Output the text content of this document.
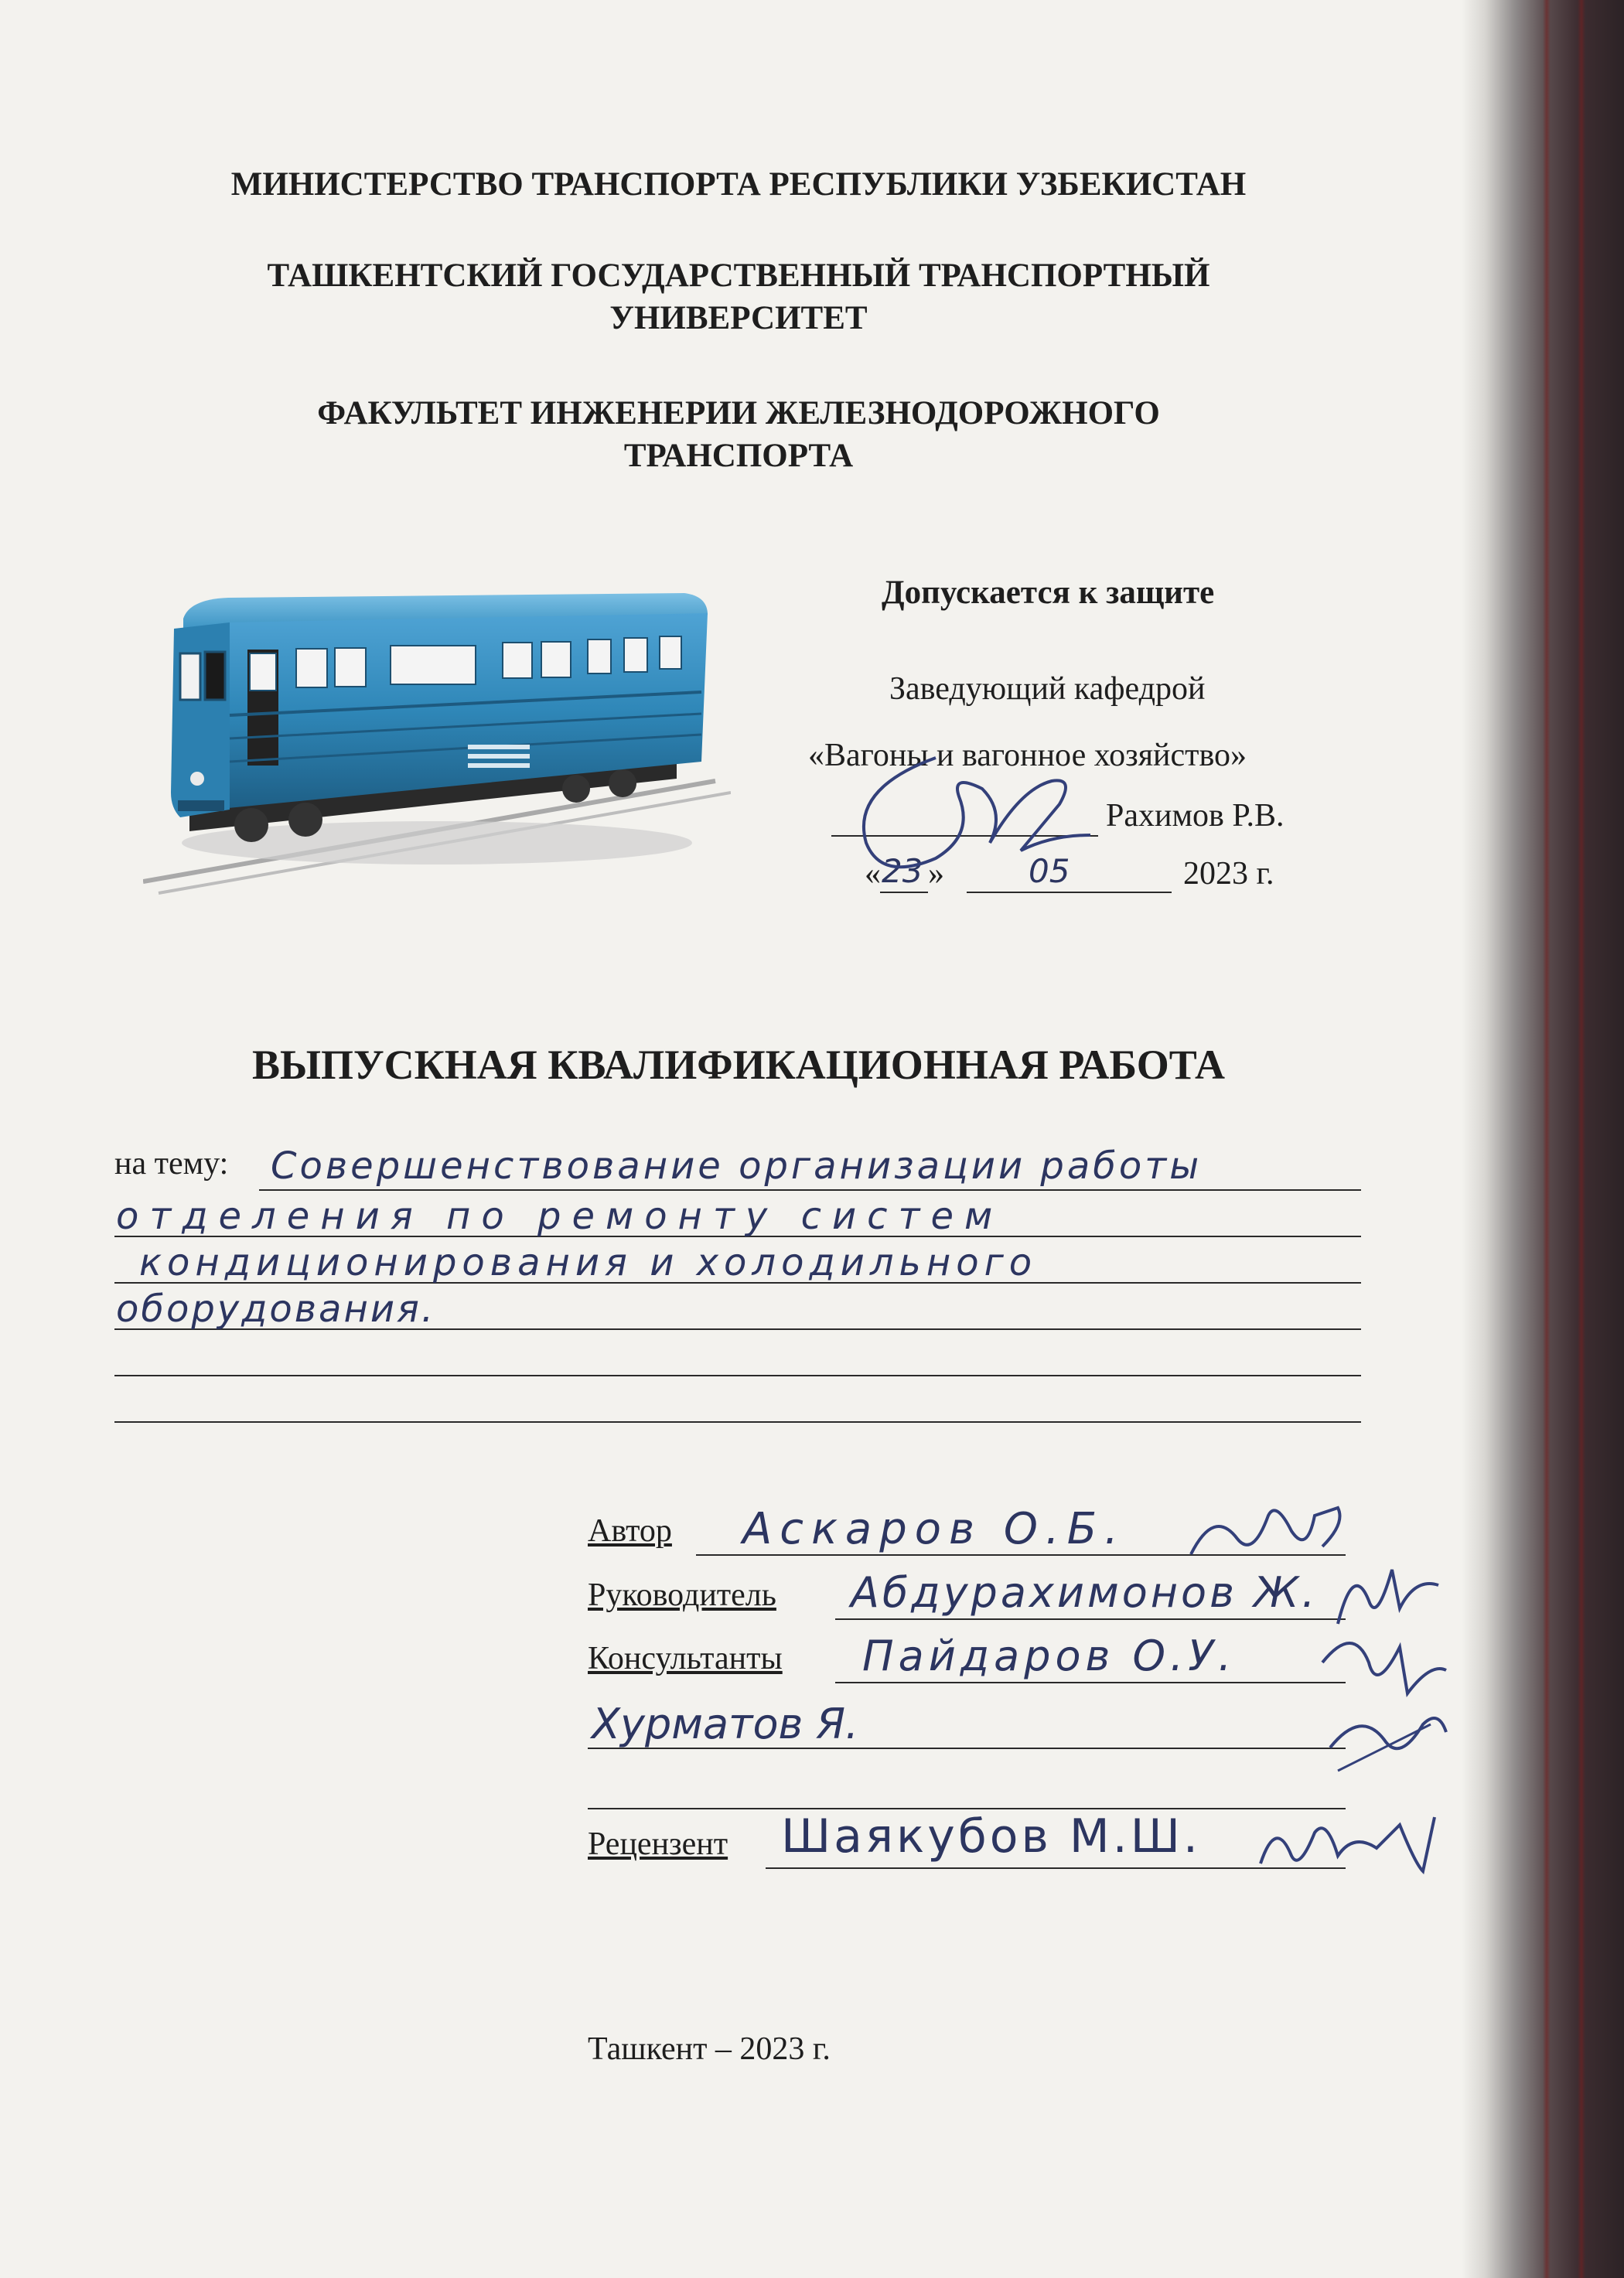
МИНИСТЕРСТВО ТРАНСПОРТА РЕСПУБЛИКИ УЗБЕКИСТАН
ТАШКЕНТСКИЙ ГОСУДАРСТВЕННЫЙ ТРАНСПОРТНЫЙ
УНИВЕРСИТЕТ
ФАКУЛЬТЕТ ИНЖЕНЕРИИ ЖЕЛЕЗНОДОРОЖНОГО
ТРАНСПОРТА
Допускается к защите
Заведующий кафедрой
«Вагоны и вагонное хозяйство»
Рахимов Р.В.
« 23 »	05	2023 г.
ВЫПУСКНАЯ КВАЛИФИКАЦИОННАЯ РАБОТА
на тему: Совершенствование организации работы
отделения по ремонту систем
кондиционирования и холодильного
оборудования.
Автор Аскаров О.Б.
Руководитель Абдурахимонов Ж.
Консультанты Пайдаров О.У.
Хурматов Я.
Рецензент Шаякубов М.Ш.
Ташкент – 2023 г.
